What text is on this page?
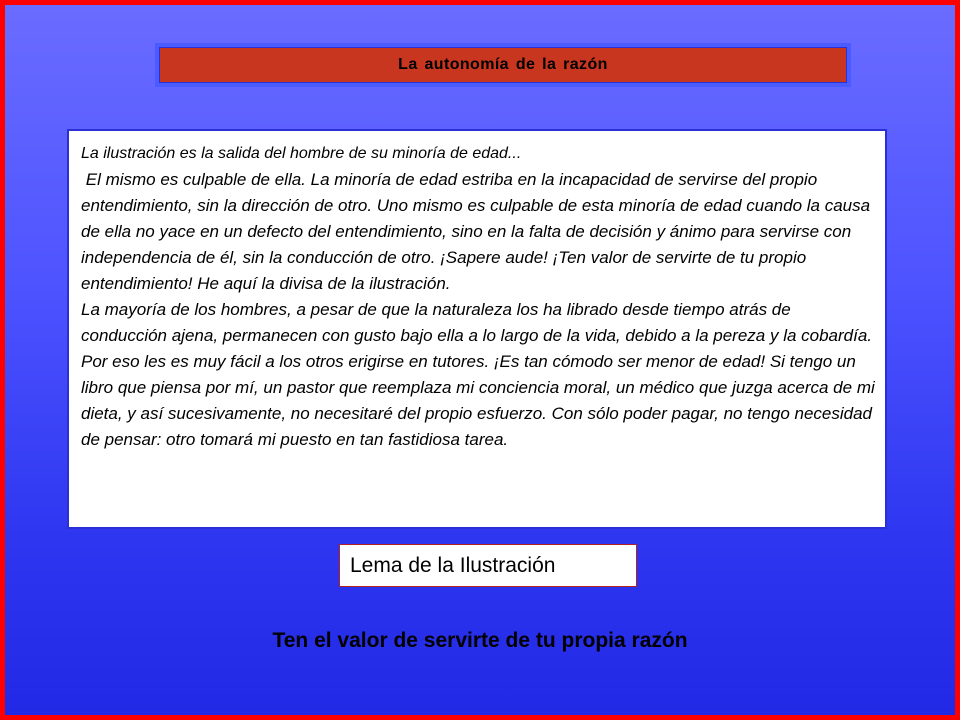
La autonomía de la razón

La ilustración es la salida del hombre de su minoría de edad...

El mismo es culpable de ella. La minoría de edad estriba en la incapacidad de servirse del propio entendimiento, sin la dirección de otro. Uno mismo es culpable de esta minoría de edad cuando la causa de ella no yace en un defecto del entendimiento, sino en la falta de decisión y ánimo para servirse con independencia de él, sin la conducción de otro. ¡Sapere aude! ¡Ten valor de servirte de tu propio entendimiento! He aquí la divisa de la ilustración.

La mayoría de los hombres, a pesar de que la naturaleza los ha librado desde tiempo atrás de conducción ajena, permanecen con gusto bajo ella a lo largo de la vida, debido a la pereza y la cobardía. Por eso les es muy fácil a los otros erigirse en tutores. ¡Es tan cómodo ser menor de edad! Si tengo un libro que piensa por mí, un pastor que reemplaza mi conciencia moral, un médico que juzga acerca de mi dieta, y así sucesivamente, no necesitaré del propio esfuerzo. Con sólo poder pagar, no tengo necesidad de pensar: otro tomará mi puesto en tan fastidiosa tarea.

Lema de la Ilustración
Ten el valor de servirte de tu propia razón
